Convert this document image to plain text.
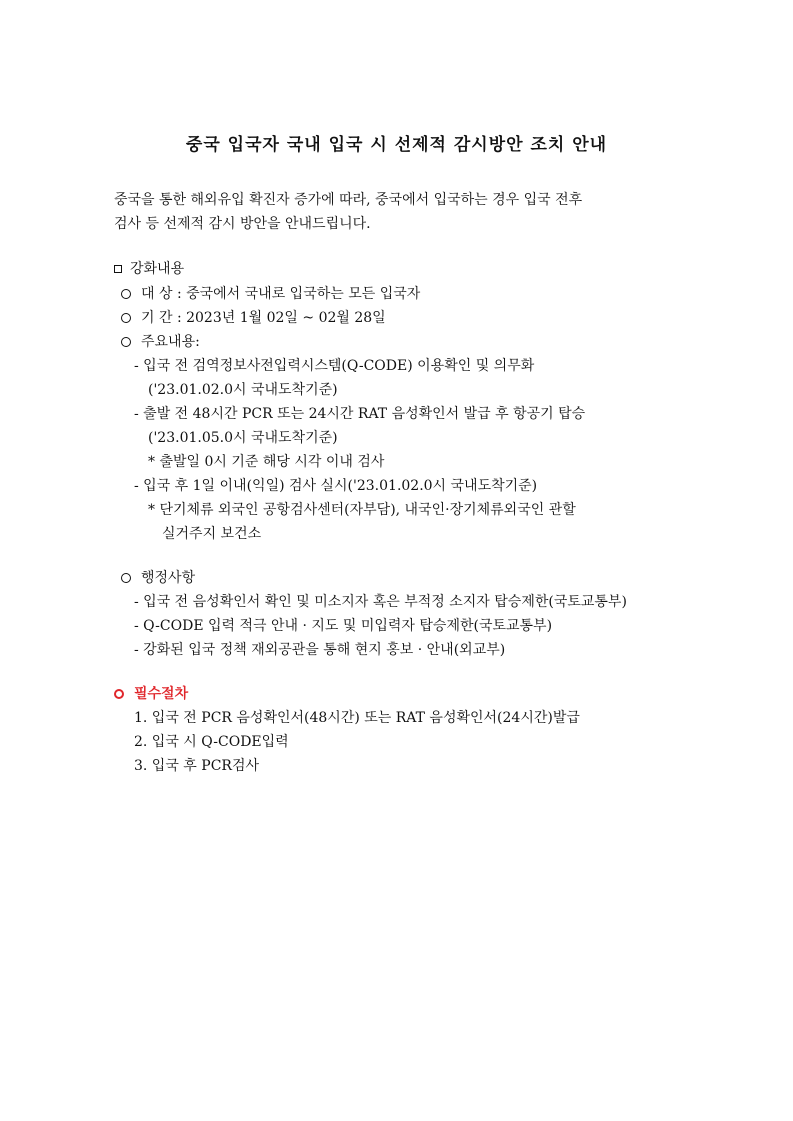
중국 입국자 국내 입국 시 선제적 감시방안 조치 안내
중국을 통한 해외유입 확진자 증가에 따라, 중국에서 입국하는 경우 입국 전후
검사 등 선제적 감시 방안을 안내드립니다.
강화내용
대 상 : 중국에서 국내로 입국하는 모든 입국자
기 간 : 2023년 1월 02일 ~ 02월 28일
주요내용:
- 입국 전 검역정보사전입력시스템(Q-CODE) 이용확인 및 의무화
('23.01.02.0시 국내도착기준)
- 출발 전 48시간 PCR 또는 24시간 RAT 음성확인서 발급 후 항공기 탑승
('23.01.05.0시 국내도착기준)
* 출발일 0시 기준 해당 시각 이내 검사
- 입국 후 1일 이내(익일) 검사 실시('23.01.02.0시 국내도착기준)
* 단기체류 외국인 공항검사센터(자부담), 내국인·장기체류외국인 관할
실거주지 보건소
행정사항
- 입국 전 음성확인서 확인 및 미소지자 혹은 부적정 소지자 탑승제한(국토교통부)
- Q-CODE 입력 적극 안내 · 지도 및 미입력자 탑승제한(국토교통부)
- 강화된 입국 정책 재외공관을 통해 현지 홍보 · 안내(외교부)
필수절차
1. 입국 전 PCR 음성확인서(48시간) 또는 RAT 음성확인서(24시간)발급
2. 입국 시 Q-CODE입력
3. 입국 후 PCR검사
